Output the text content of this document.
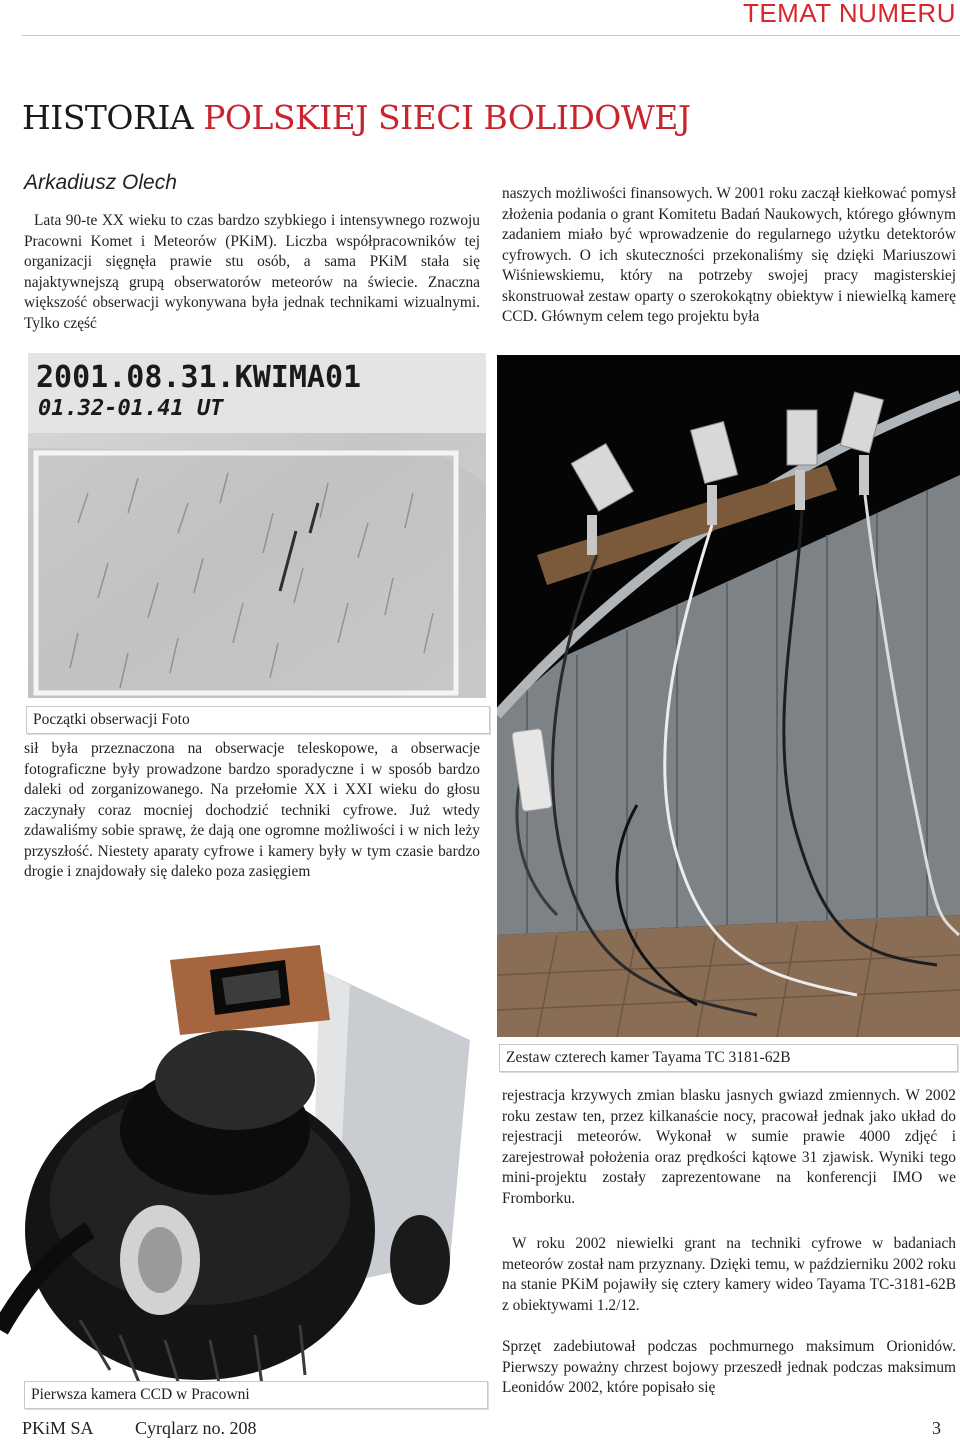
TEMAT NUMERU
HISTORIA POLSKIEJ SIECI BOLIDOWEJ
Arkadiusz Olech
Lata 90-te XX wieku to czas bardzo szybkiego i intensywnego rozwoju Pracowni Komet i Meteorów (PKiM). Liczba współpracowników tej organizacji sięgnęła prawie stu osób, a sama PKiM stała się najaktywnejszą grupą obserwatorów meteorów na świecie. Znaczna większość obserwacji wykonywana była jednak technikami wizualnymi. Tylko część
2001.08.31.KWIMA01
01.32-01.41 UT
Początki obserwacji Foto
sił była przeznaczona na obserwacje teleskopowe, a obserwacje fotograficzne były prowadzone bardzo sporadyczne i w sposób bardzo daleki od zorganizowanego. Na przełomie XX i XXI wieku do głosu zaczynały coraz mocniej dochodzić techniki cyfrowe. Już wtedy zdawaliśmy sobie sprawę, że dają one ogromne możliwości i w nich leży przyszłość. Niestety aparaty cyfrowe i kamery były w tym czasie bardzo drogie i znajdowały się daleko poza zasięgiem
naszych możliwości finansowych. W 2001 roku zaczął kiełkować pomysł złożenia podania o grant Komitetu Badań Naukowych, którego głównym zadaniem miało być wprowadzenie do regularnego użytku detektorów cyfrowych. O ich skuteczności przekonaliśmy się dzięki Mariuszowi Wiśniewskiemu, który na potrzeby swojej pracy magisterskiej skonstruował zestaw oparty o szerokokątny obiektyw i niewielką kamerę CCD. Głównym celem tego projektu była
Zestaw czterech kamer Tayama TC 3181-62B
rejestracja krzywych zmian blasku jasnych gwiazd zmiennych. W 2002 roku zestaw ten, przez kilkanaście nocy, pracował jednak jako układ do rejestracji meteorów. Wykonał w sumie prawie 4000 zdjęć i zarejestrował położenia oraz prędkości kątowe 31 zjawisk. Wyniki tego mini-projektu zostały zaprezentowane na konferencji IMO we Fromborku.
W roku 2002 niewielki grant na techniki cyfrowe w badaniach meteorów został nam przyznany. Dzięki temu, w październiku 2002 roku na stanie PKiM pojawiły się cztery kamery wideo Tayama TC-3181-62B z obiektywami 1.2/12.
Sprzęt zadebiutował podczas pochmurnego maksimum Orionidów. Pierwszy poważny chrzest bojowy przeszedł jednak podczas maksimum Leonidów 2002, które popisało się
Pierwsza kamera CCD w Pracowni
PKiM SA Cyrqlarz no. 208	3
